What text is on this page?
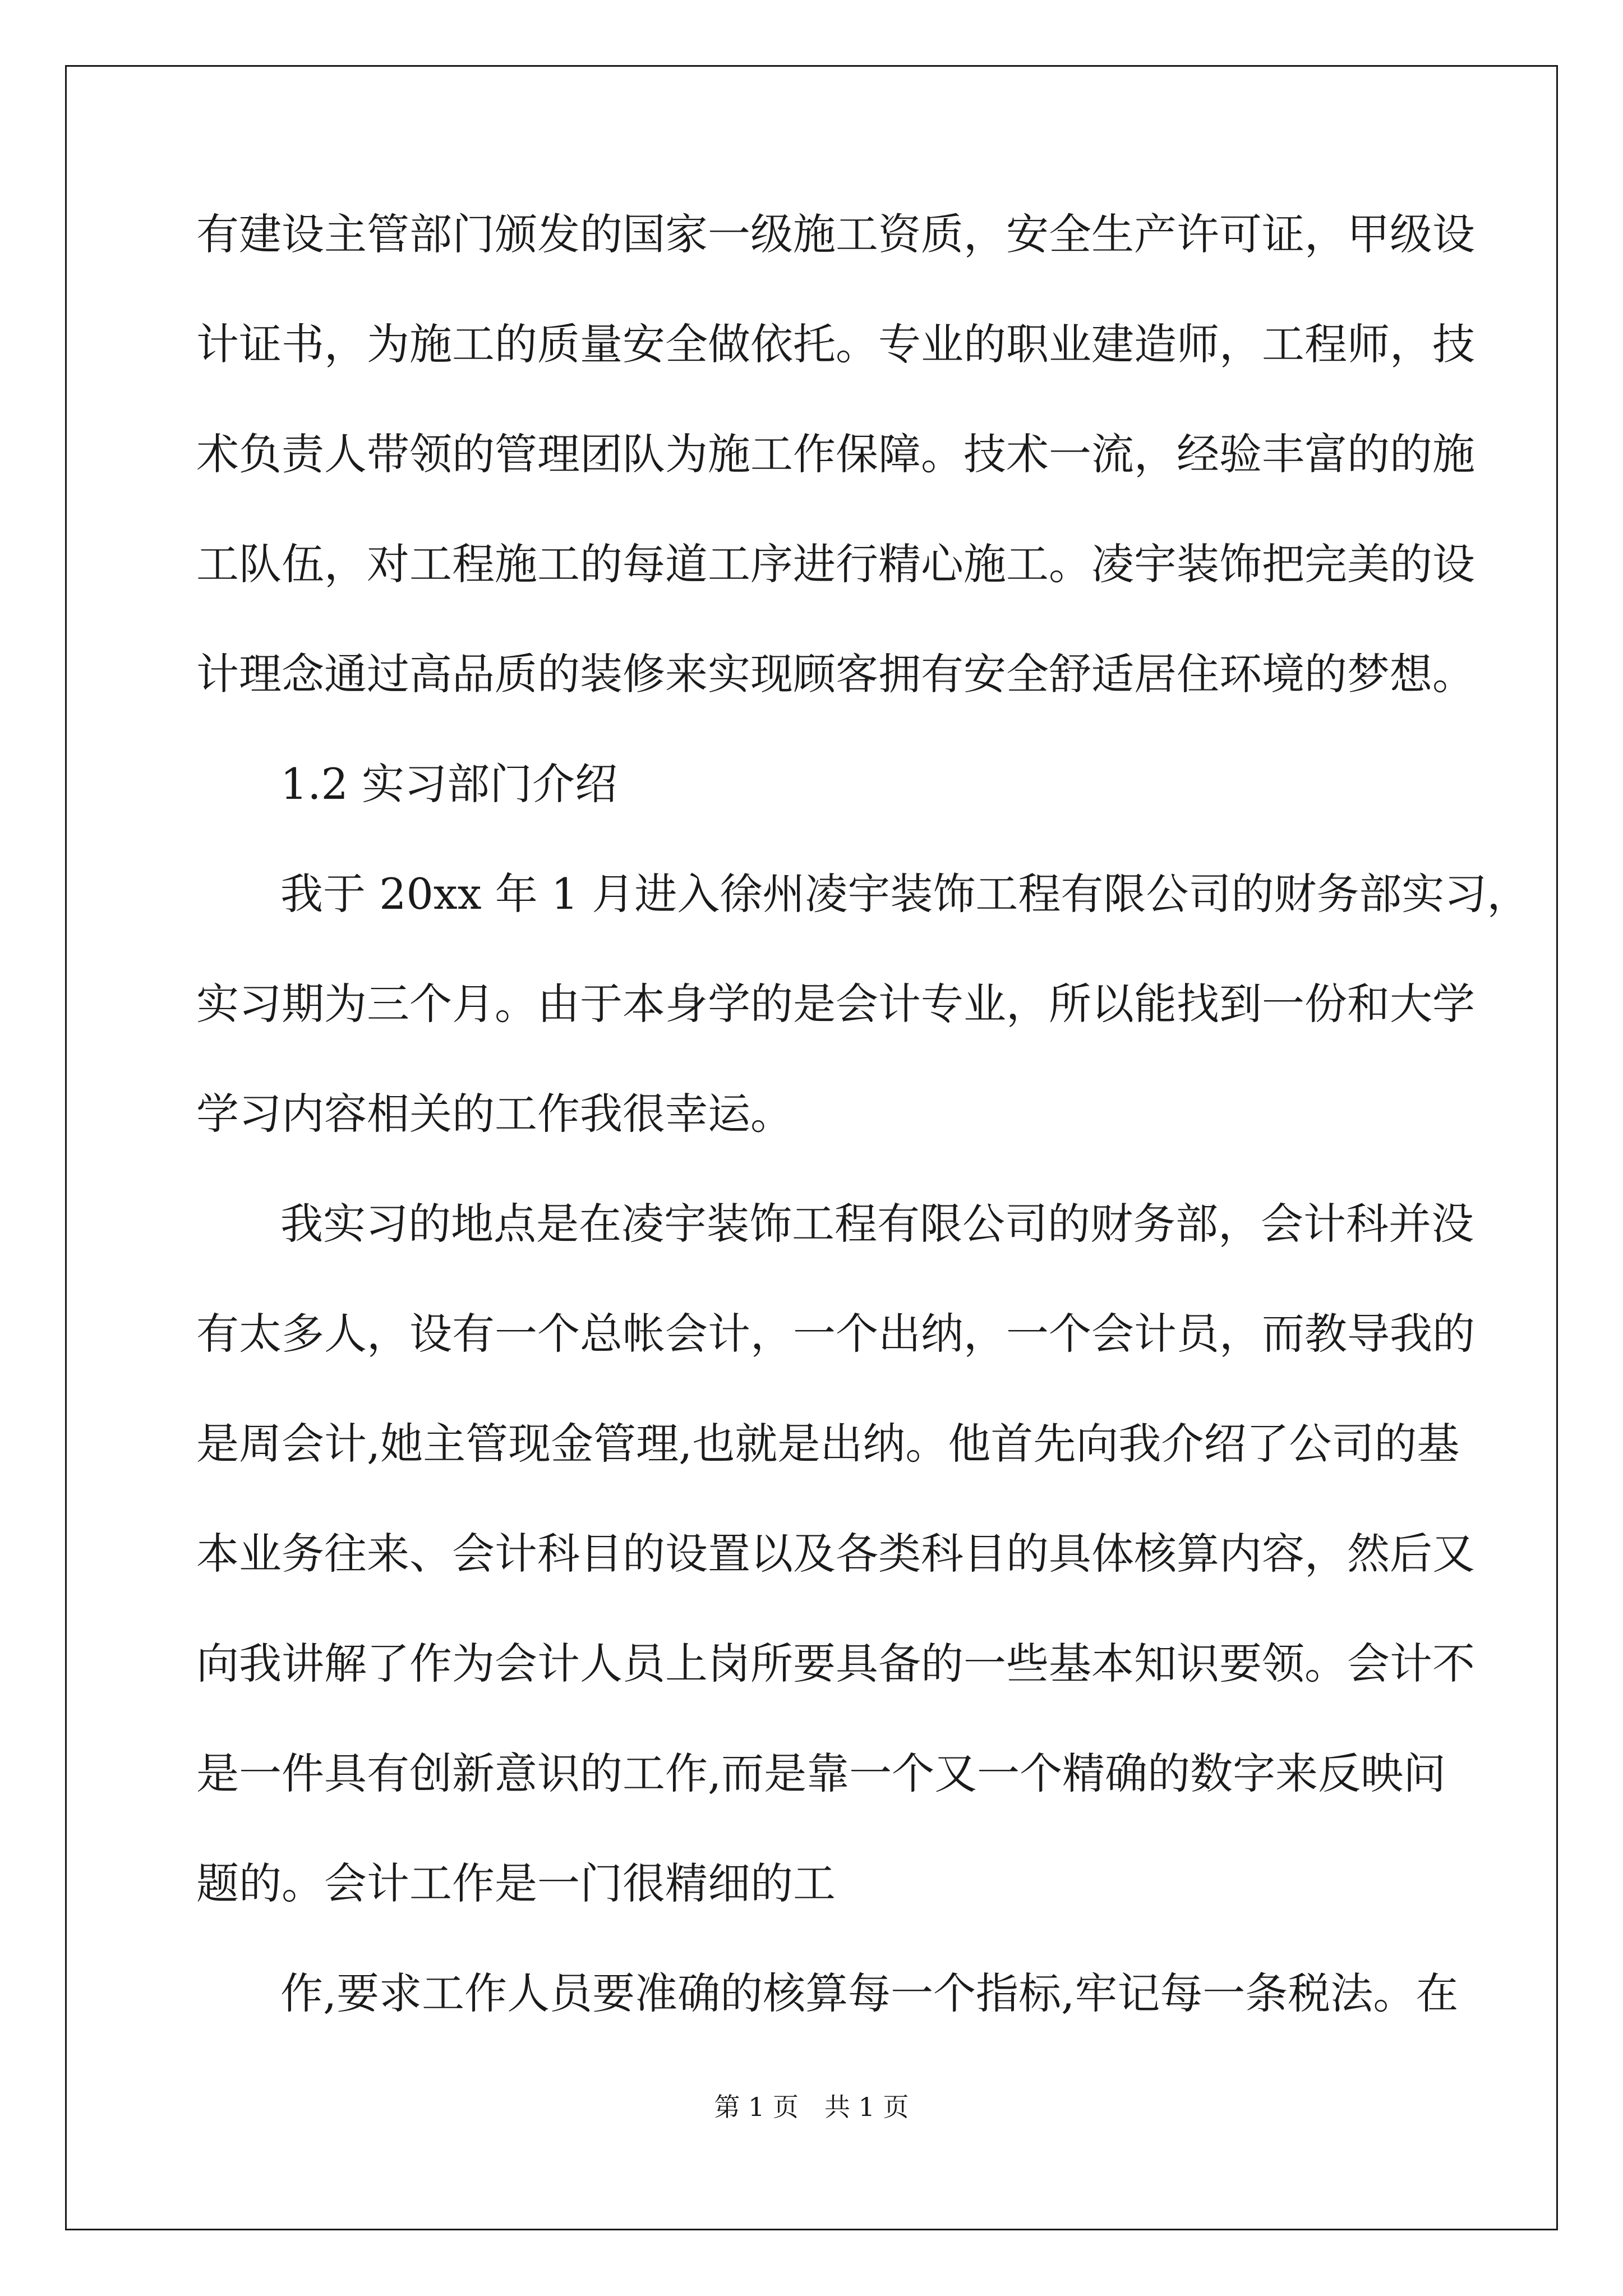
有建设主管部门颁发的国家一级施工资质，安全生产许可证，甲级设
计证书，为施工的质量安全做依托。专业的职业建造师，工程师，技
术负责人带领的管理团队为施工作保障。技术一流，经验丰富的的施
工队伍，对工程施工的每道工序进行精心施工。凌宇装饰把完美的设
计理念通过高品质的装修来实现顾客拥有安全舒适居住环境的梦想。
1.2 实习部门介绍
我于 20xx 年 1 月进入徐州凌宇装饰工程有限公司的财务部实习，
实习期为三个月。由于本身学的是会计专业，所以能找到一份和大学
学习内容相关的工作我很幸运。
我实习的地点是在凌宇装饰工程有限公司的财务部，会计科并没
有太多人，设有一个总帐会计，一个出纳，一个会计员，而教导我的
是周会计,她主管现金管理,也就是出纳。他首先向我介绍了公司的基
本业务往来、会计科目的设置以及各类科目的具体核算内容，然后又
向我讲解了作为会计人员上岗所要具备的一些基本知识要领。会计不
是一件具有创新意识的工作,而是靠一个又一个精确的数字来反映问
题的。会计工作是一门很精细的工
作,要求工作人员要准确的核算每一个指标,牢记每一条税法。在
第 1 页　共 1 页
